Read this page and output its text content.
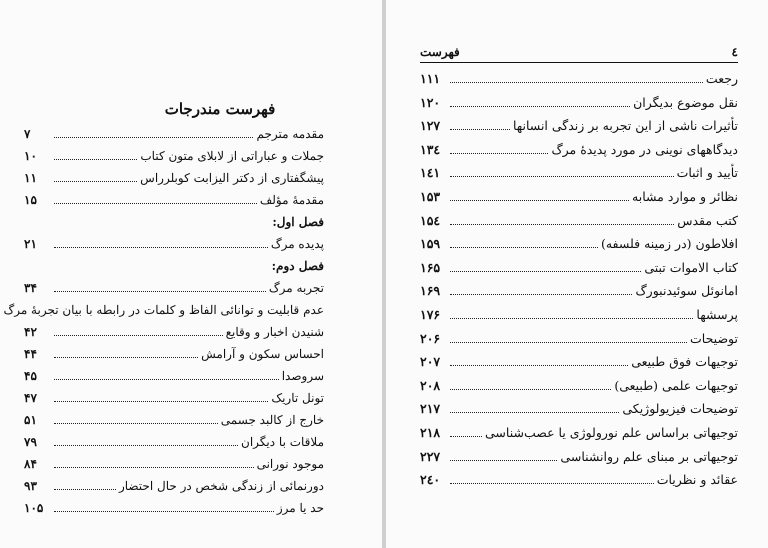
فهرست مندرجات
مقدمه مترجم
۷
جملات و عباراتی از لابلای متون کتاب
۱۰
پیشگفتاری از دکتر الیزابت کوبلرراس
۱۱
مقدمهٔ مؤلف
۱۵
فصل اول:
پدیده مرگ
۲۱
فصل دوم:
تجربه مرگ
۳۴
عدم قابلیت و توانائی الفاظ و کلمات در رابطه با بیان تجربهٔ مرگ
شنیدن اخبار و وقایع
۴۲
احساس سکون و آرامش
۴۴
سروصدا
۴۵
تونل تاریک
۴۷
خارج از کالبد جسمی
۵۱
ملاقات با دیگران
۷۹
موجود نورانی
۸۴
دورنمائی از زندگی شخص در حال احتضار
۹۳
حد یا مرز
۱۰۵
فهرست	٤
رجعت
۱۱۱
نقل موضوع بدیگران
۱۲۰
تأثیرات ناشی از این تجربه بر زندگی انسانها
۱۲۷
دیدگاههای نوینی در مورد پدیدهٔ مرگ
۱۳٤
تأیید و اثبات
۱٤۱
نظائر و موارد مشابه
۱۵۳
کتب مقدس
۱۵٤
افلاطون (در زمینه فلسفه)
۱۵۹
کتاب الاموات تبتی
۱۶۵
امانوئل سوئیدنبورگ
۱۶۹
پرسشها
۱۷۶
توضیحات
۲۰۶
توجیهات فوق طبیعی
۲۰۷
توجیهات علمی (طبیعی)
۲۰۸
توضیحات فیزیولوژیکی
۲۱۷
توجیهاتی براساس علم نورولوژی یا عصب‌شناسی
۲۱۸
توجیهاتی بر مبنای علم روانشناسی
۲۲۷
عقائد و نظریات
۲٤۰
